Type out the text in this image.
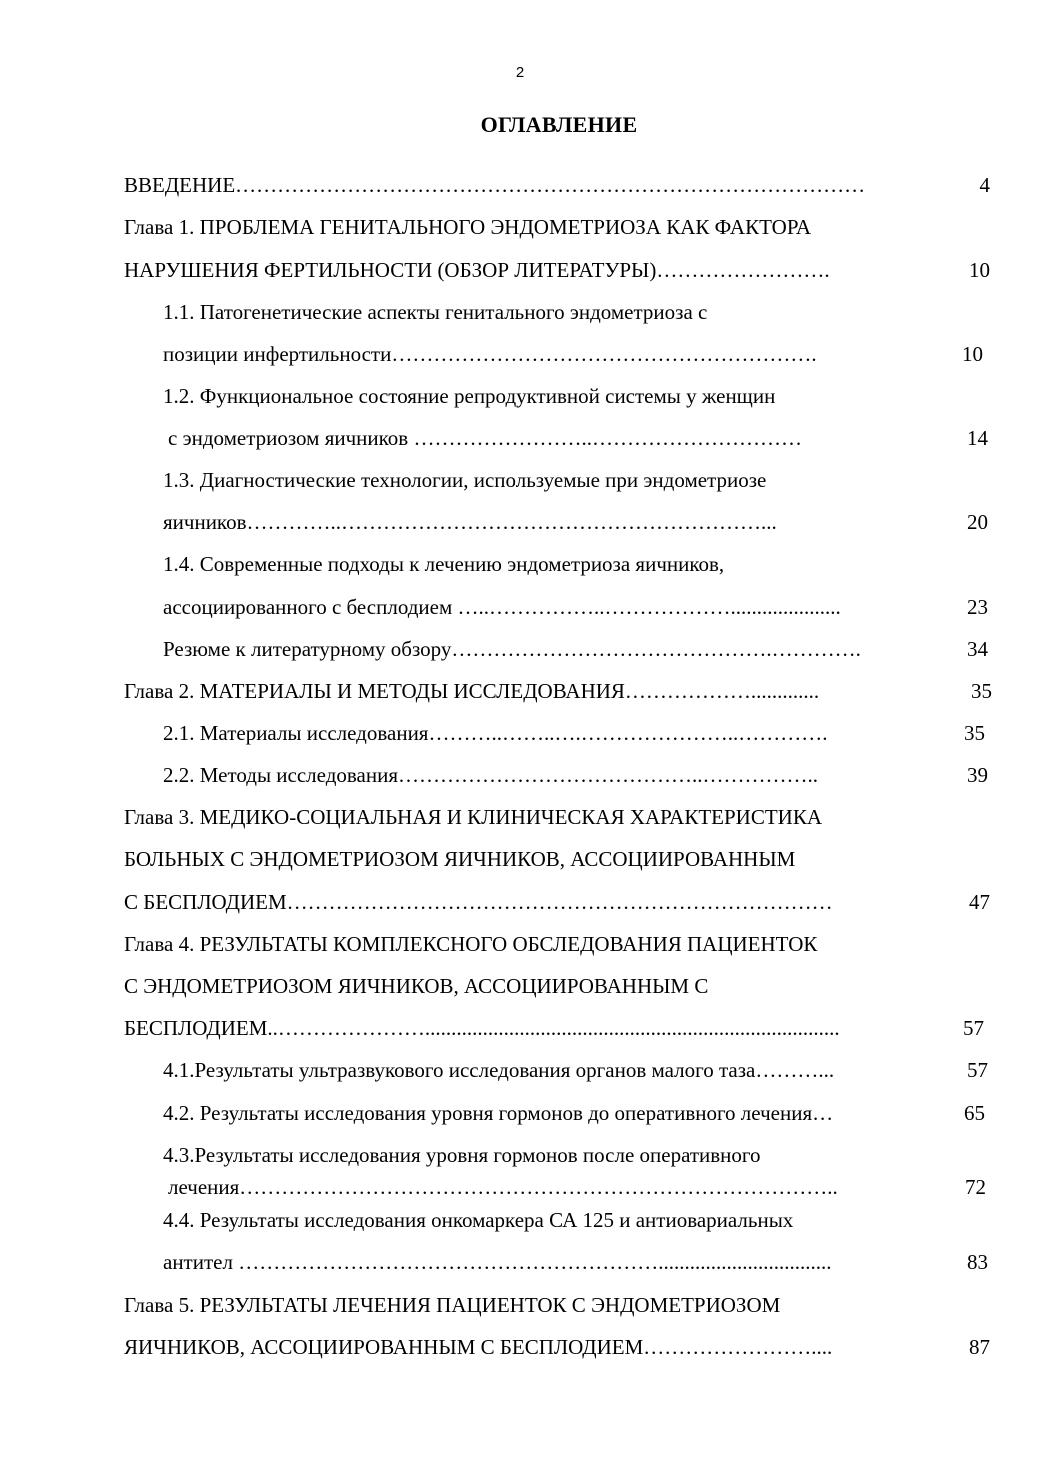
2
ОГЛАВЛЕНИЕ
ВВЕДЕНИЕ………………………………………………………………………………	4
Глава 1. ПРОБЛЕМА ГЕНИТАЛЬНОГО ЭНДОМЕТРИОЗА КАК ФАКТОРА
НАРУШЕНИЯ ФЕРТИЛЬНОСТИ (ОБЗОР ЛИТЕРАТУРЫ)…………………….	10
1.1. Патогенетические аспекты генитального эндометриоза с
позиции инфертильности…………………………………………………….	10
1.2. Функциональное состояние репродуктивной системы у женщин
с эндометриозом яичников ……………………..…………………………	14
1.3. Диагностические технологии, используемые при эндометриозе
яичников…………..……………………………………………………...	20
1.4. Современные подходы к лечению эндометриоза яичников,
ассоциированного с бесплодием …..……………..……………….....................	23
Резюме к литературному обзору……………………………………….………….	34
Глава 2. МАТЕРИАЛЫ И МЕТОДЫ ИССЛЕДОВАНИЯ……………….............	35
2.1. Материалы исследования………..……..….…………………..………….	35
2.2. Методы исследования……………………………………..……………..	39
Глава 3. МЕДИКО-СОЦИАЛЬНАЯ И КЛИНИЧЕСКАЯ ХАРАКТЕРИСТИКА
БОЛЬНЫХ С ЭНДОМЕТРИОЗОМ ЯИЧНИКОВ, АССОЦИИРОВАННЫМ
С БЕСПЛОДИЕМ……………………………………………………………………	47
Глава 4. РЕЗУЛЬТАТЫ КОМПЛЕКСНОГО ОБСЛЕДОВАНИЯ ПАЦИЕНТОК
С ЭНДОМЕТРИОЗОМ ЯИЧНИКОВ, АССОЦИИРОВАННЫМ С
БЕСПЛОДИЕМ..…………………...............................................................................	57
4.1.Результаты ультразвукового исследования органов малого таза………...	57
4.2. Результаты исследования уровня гормонов до оперативного лечения…	65
4.3.Результаты исследования уровня гормонов после оперативного
лечения…………………………………………………………………………..	72
4.4. Результаты исследования онкомаркера СА 125 и антиовариальных
антител …………………………………………………….................................	83
Глава 5. РЕЗУЛЬТАТЫ ЛЕЧЕНИЯ ПАЦИЕНТОК С ЭНДОМЕТРИОЗОМ
ЯИЧНИКОВ, АССОЦИИРОВАННЫМ С БЕСПЛОДИЕМ……………………....	87
